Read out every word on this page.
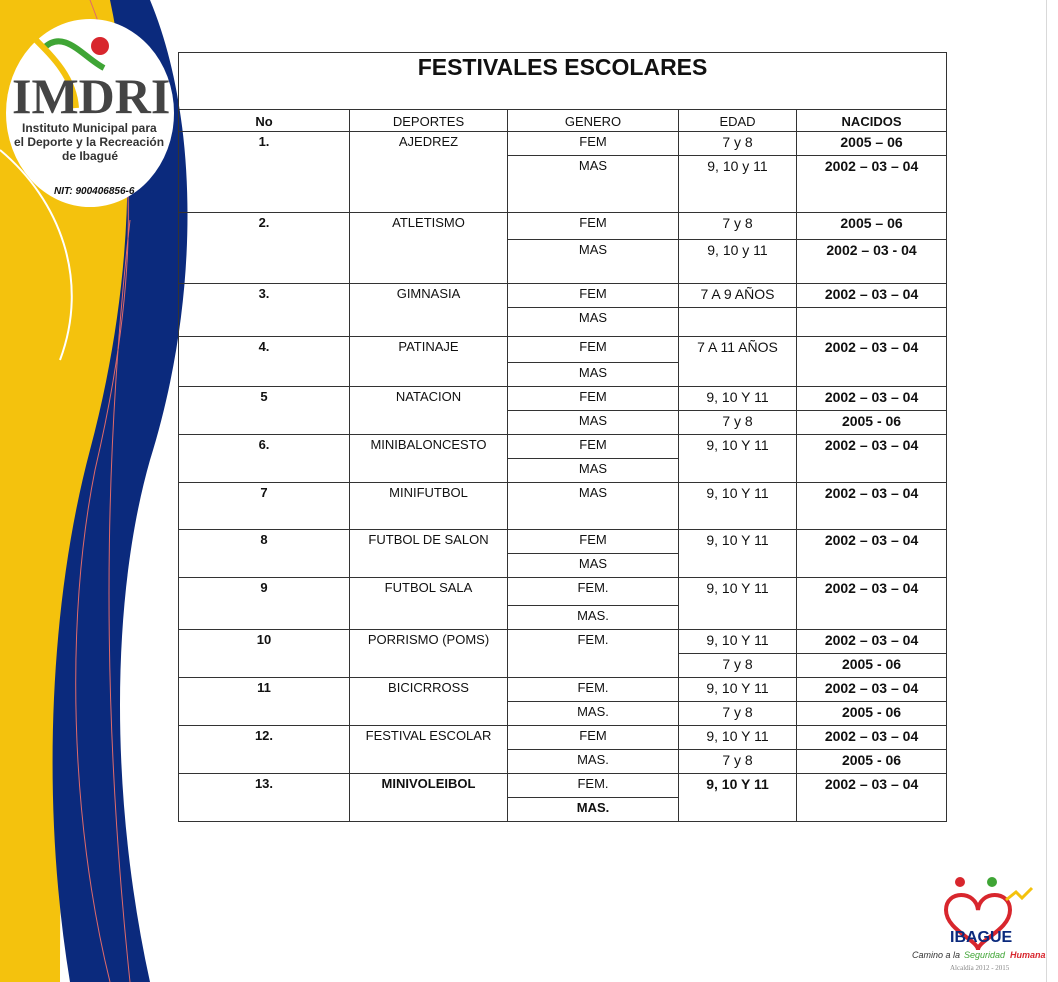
IMDRI
Instituto Municipal para
el Deporte y la Recreación
de Ibagué
NIT: 900406856-6
IBAGUE
Camino a la Seguridad Humana
Alcaldía 2012 - 2015
FESTIVALES ESCOLARES				
No	DEPORTES	GENERO	EDAD	NACIDOS
1.	AJEDREZ	FEM	7 y 8	2005 – 06
		MAS	9, 10 y 11	2002 – 03 – 04
2.	ATLETISMO	FEM	7 y 8	2005 – 06
		MAS	9, 10 y 11	2002 – 03 - 04
3.	GIMNASIA	FEM	7 A 9 AÑOS	2002 – 03 – 04
		MAS		
4.	PATINAJE	FEM	7 A 11 AÑOS	2002 – 03 – 04
		MAS		
5	NATACION	FEM	9, 10 Y 11	2002 – 03 – 04
		MAS	7 y 8	2005 - 06
6.	MINIBALONCESTO	FEM	9, 10 Y 11	2002 – 03 – 04
		MAS		
7	MINIFUTBOL	MAS	9, 10 Y 11	2002 – 03 – 04
8	FUTBOL DE SALON	FEM	9, 10 Y 11	2002 – 03 – 04
		MAS		
9	FUTBOL SALA	FEM.	9, 10 Y 11	2002 – 03 – 04
		MAS.		
10	PORRISMO (POMS)	FEM.	9, 10 Y 11	2002 – 03 – 04
			7 y 8	2005 - 06
11	BICICRROSS	FEM.	9, 10 Y 11	2002 – 03 – 04
		MAS.	7 y 8	2005 - 06
12.	FESTIVAL ESCOLAR	FEM	9, 10 Y 11	2002 – 03 – 04
		MAS.	7 y 8	2005 - 06
13.	MINIVOLEIBOL	FEM.	9, 10 Y 11	2002 – 03 – 04
		MAS.		
